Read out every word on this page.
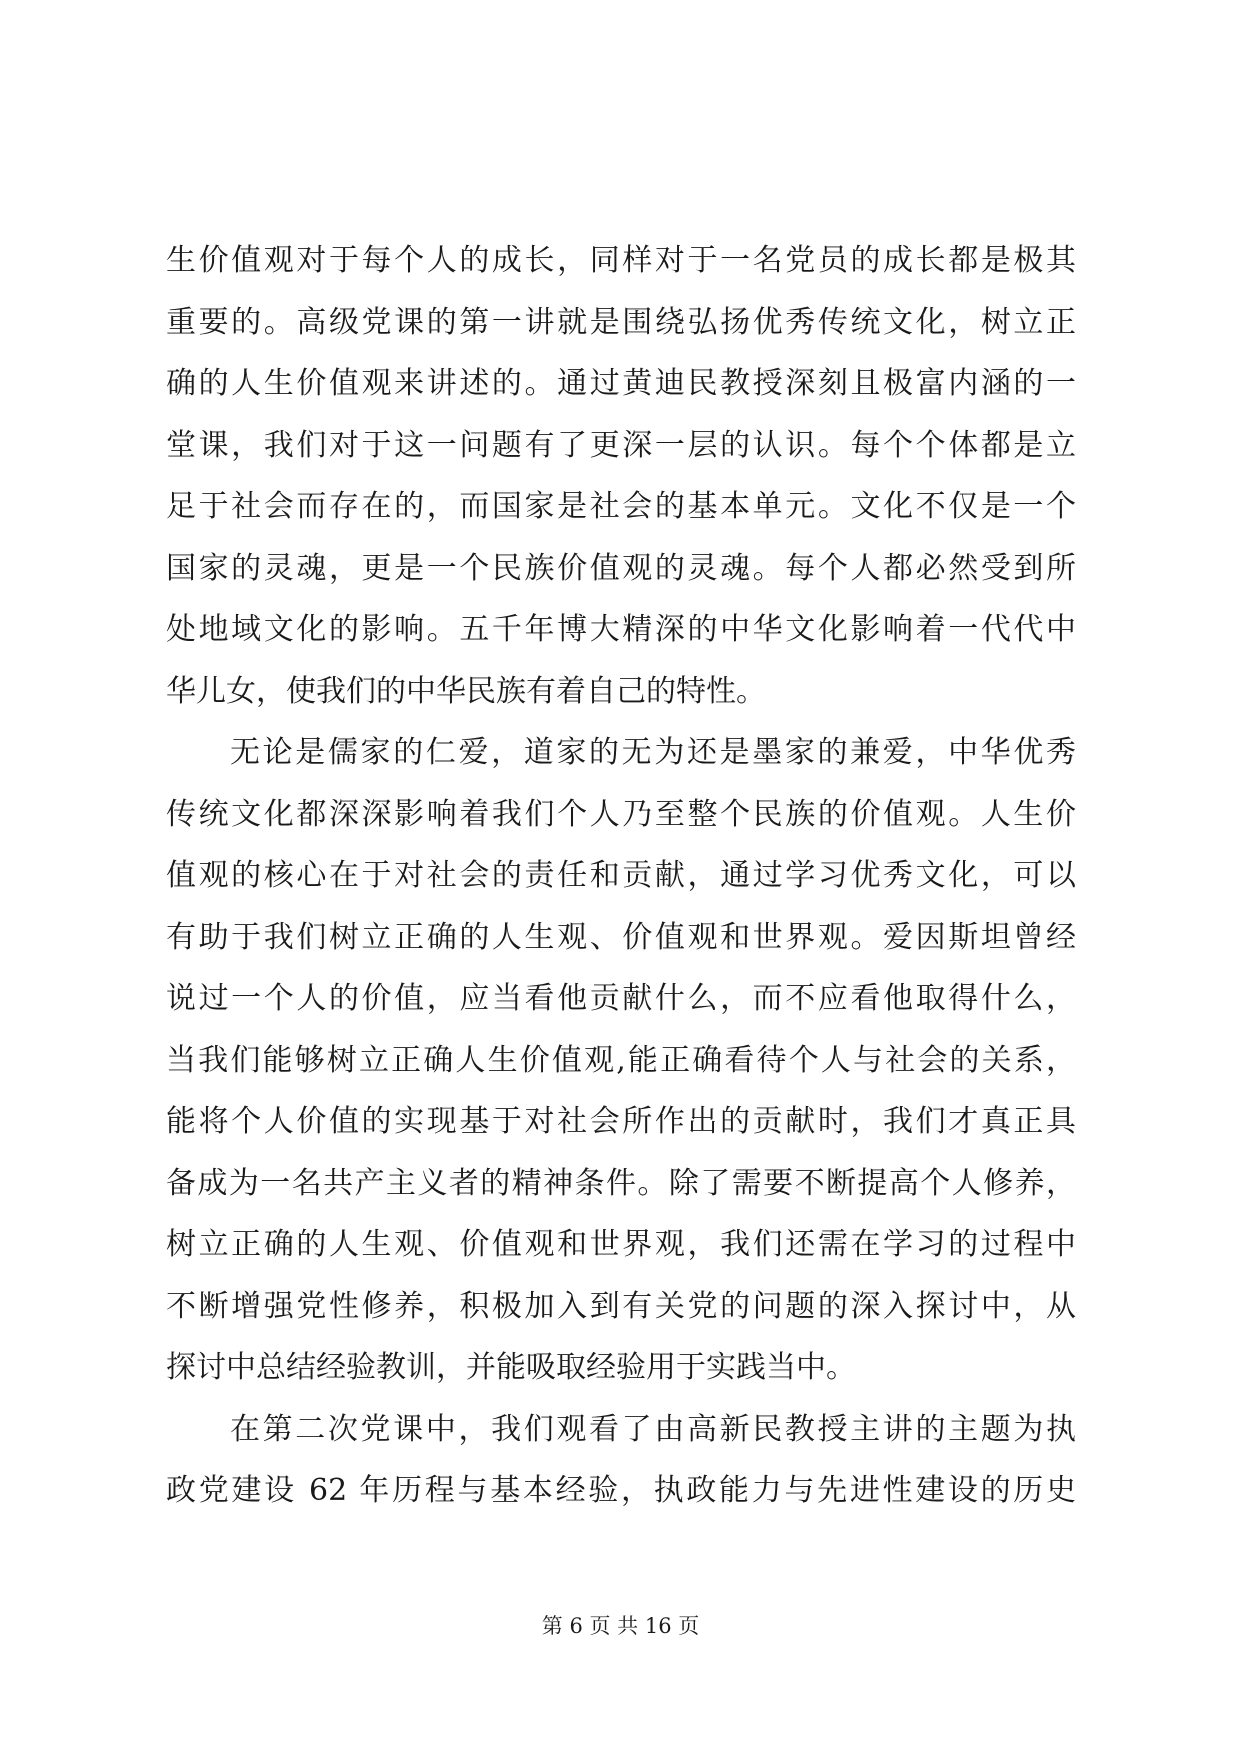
生价值观对于每个人的成长，同样对于一名党员的成长都是极其
重要的。高级党课的第一讲就是围绕弘扬优秀传统文化，树立正
确的人生价值观来讲述的。通过黄迪民教授深刻且极富内涵的一
堂课，我们对于这一问题有了更深一层的认识。每个个体都是立
足于社会而存在的，而国家是社会的基本单元。文化不仅是一个
国家的灵魂，更是一个民族价值观的灵魂。每个人都必然受到所
处地域文化的影响。五千年博大精深的中华文化影响着一代代中
华儿女，使我们的中华民族有着自己的特性。
无论是儒家的仁爱，道家的无为还是墨家的兼爱，中华优秀
传统文化都深深影响着我们个人乃至整个民族的价值观。人生价
值观的核心在于对社会的责任和贡献，通过学习优秀文化，可以
有助于我们树立正确的人生观、价值观和世界观。爱因斯坦曾经
说过一个人的价值，应当看他贡献什么，而不应看他取得什么，
当我们能够树立正确人生价值观,能正确看待个人与社会的关系，
能将个人价值的实现基于对社会所作出的贡献时，我们才真正具
备成为一名共产主义者的精神条件。除了需要不断提高个人修养，
树立正确的人生观、价值观和世界观，我们还需在学习的过程中
不断增强党性修养，积极加入到有关党的问题的深入探讨中，从
探讨中总结经验教训，并能吸取经验用于实践当中。
在第二次党课中，我们观看了由高新民教授主讲的主题为执
政党建设 62 年历程与基本经验，执政能力与先进性建设的历史
第 6 页 共 16 页
